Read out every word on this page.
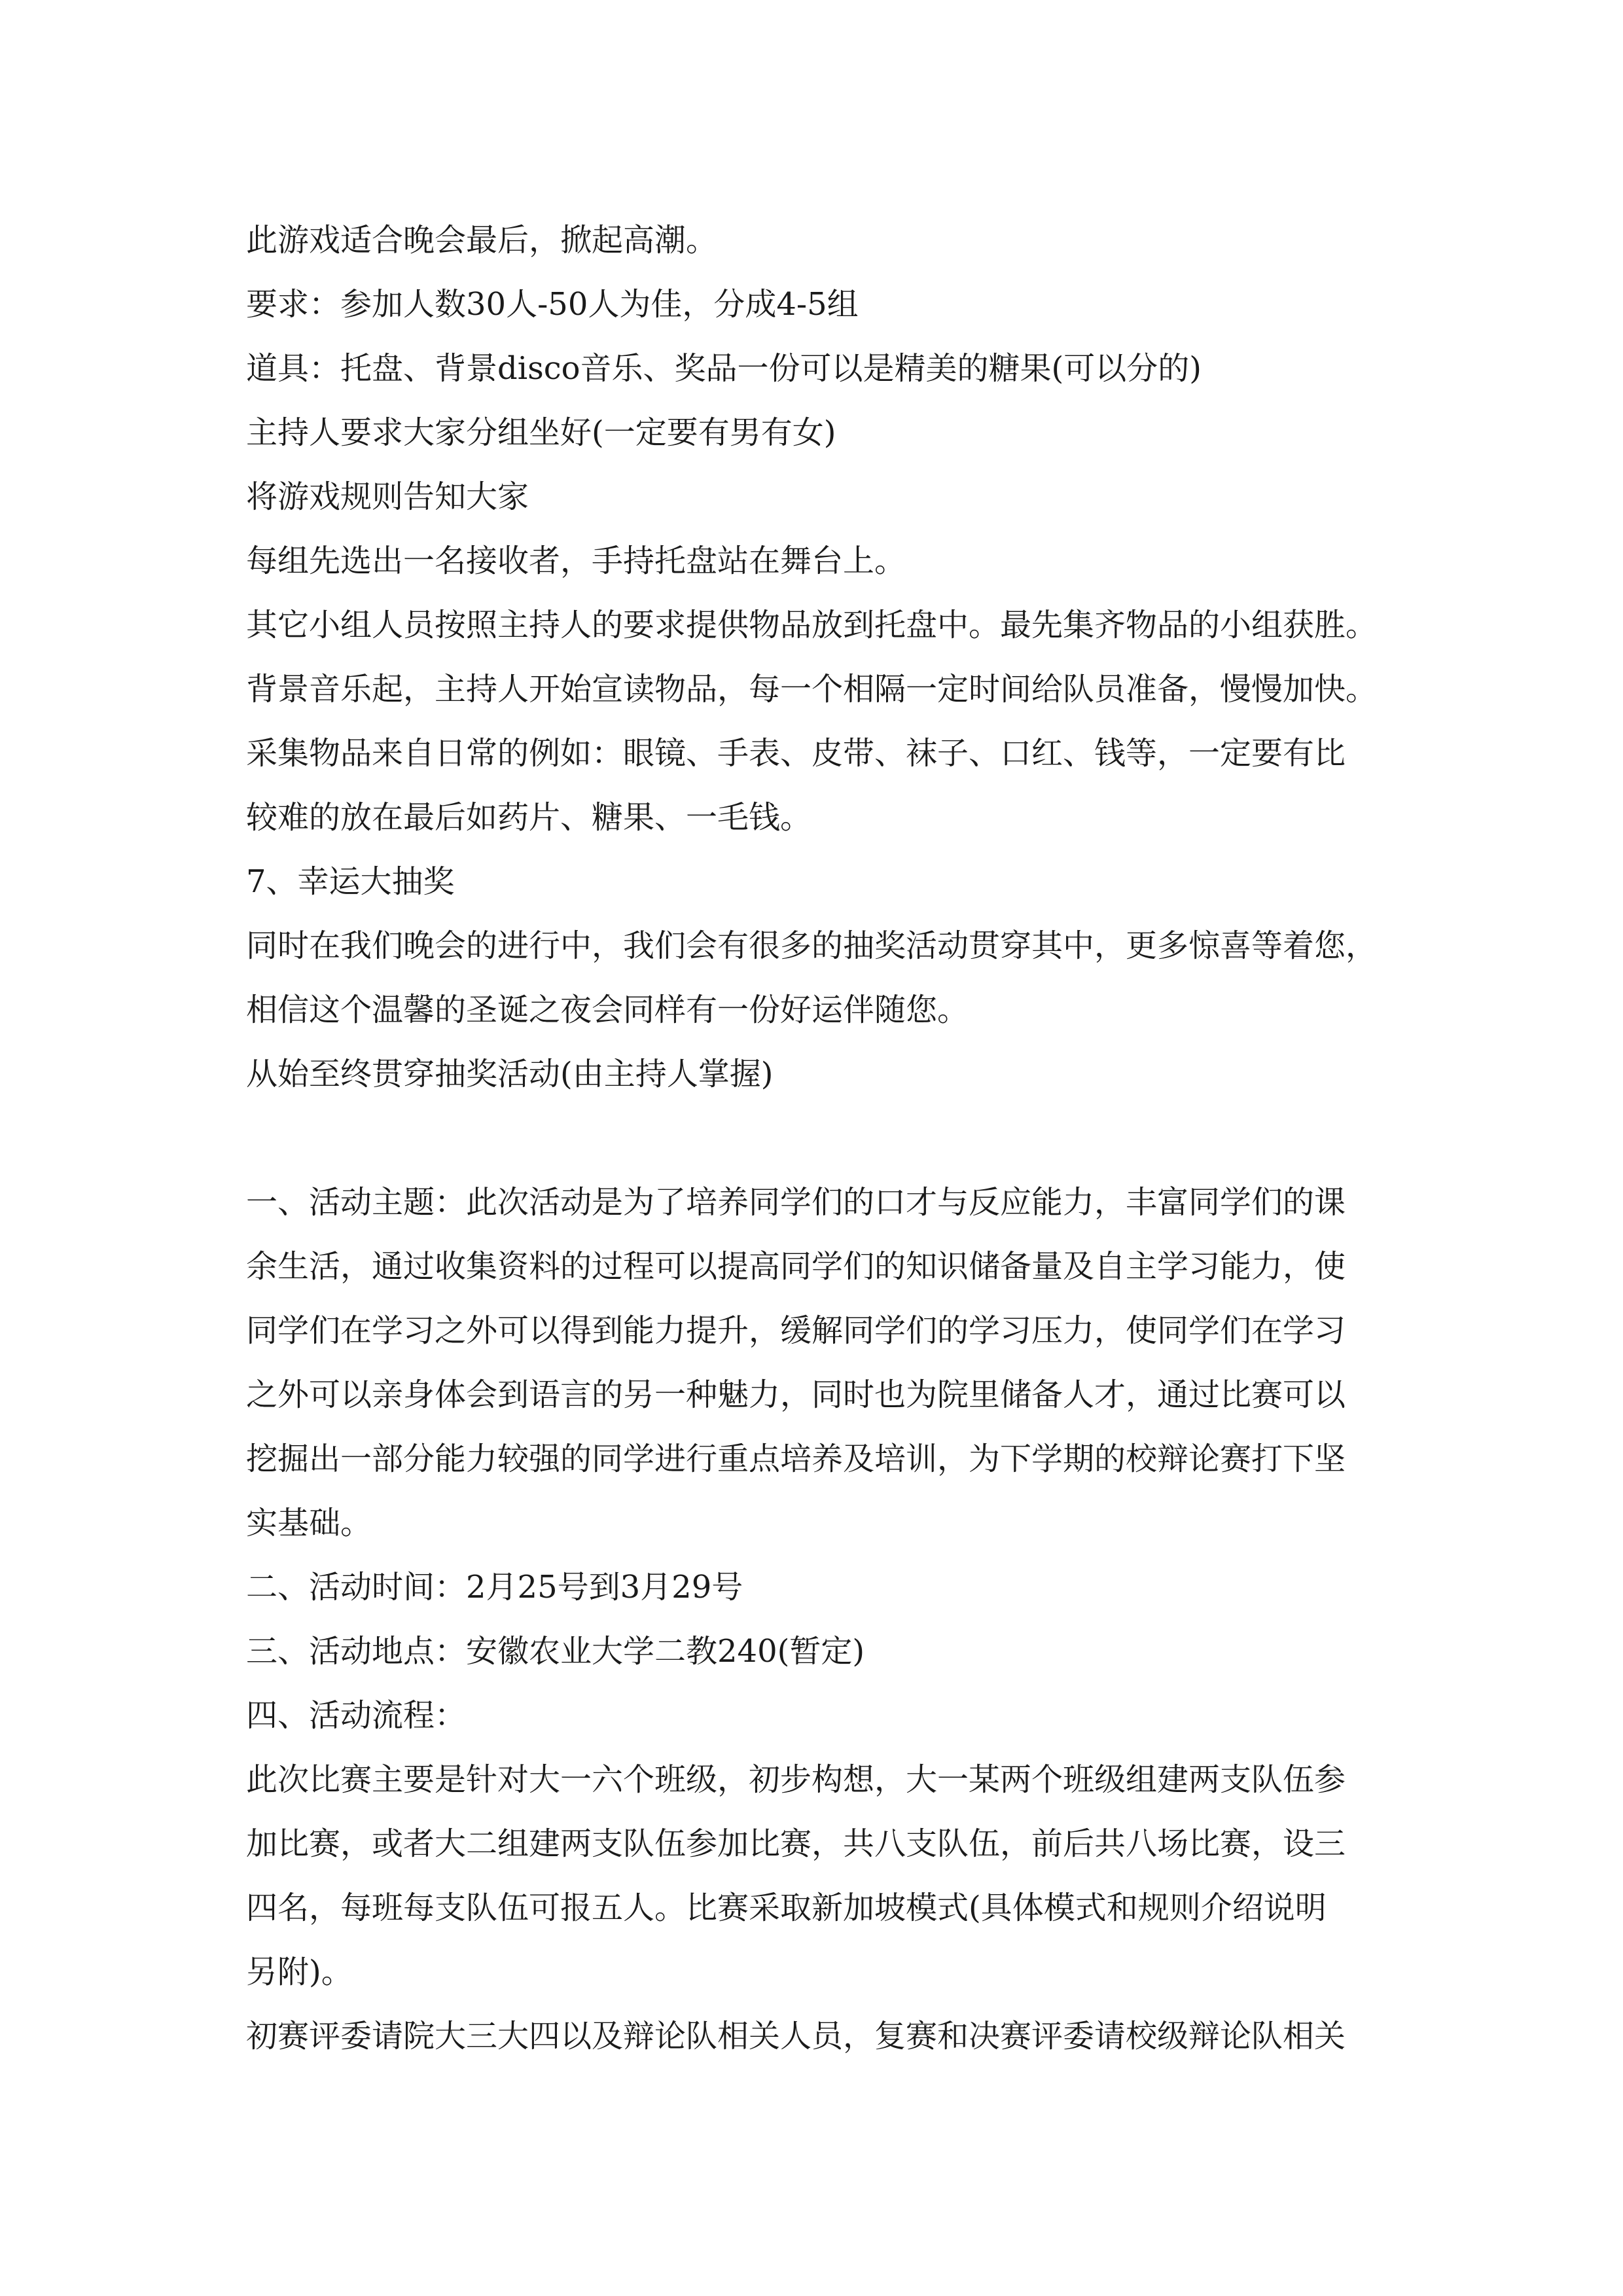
此游戏适合晚会最后，掀起高潮。
要求：参加人数30人-50人为佳，分成4-5组
道具：托盘、背景disco音乐、奖品一份可以是精美的糖果(可以分的)
主持人要求大家分组坐好(一定要有男有女)
将游戏规则告知大家
每组先选出一名接收者，手持托盘站在舞台上。
其它小组人员按照主持人的要求提供物品放到托盘中。最先集齐物品的小组获胜。
背景音乐起，主持人开始宣读物品，每一个相隔一定时间给队员准备，慢慢加快。
采集物品来自日常的例如：眼镜、手表、皮带、袜子、口红、钱等，一定要有比
较难的放在最后如药片、糖果、一毛钱。
7、幸运大抽奖
同时在我们晚会的进行中，我们会有很多的抽奖活动贯穿其中，更多惊喜等着您，
相信这个温馨的圣诞之夜会同样有一份好运伴随您。
从始至终贯穿抽奖活动(由主持人掌握)
一、活动主题：此次活动是为了培养同学们的口才与反应能力，丰富同学们的课
余生活，通过收集资料的过程可以提高同学们的知识储备量及自主学习能力，使
同学们在学习之外可以得到能力提升，缓解同学们的学习压力，使同学们在学习
之外可以亲身体会到语言的另一种魅力，同时也为院里储备人才，通过比赛可以
挖掘出一部分能力较强的同学进行重点培养及培训，为下学期的校辩论赛打下坚
实基础。
二、活动时间：2月25号到3月29号
三、活动地点：安徽农业大学二教240(暂定)
四、活动流程：
此次比赛主要是针对大一六个班级，初步构想，大一某两个班级组建两支队伍参
加比赛，或者大二组建两支队伍参加比赛，共八支队伍，前后共八场比赛，设三
四名，每班每支队伍可报五人。比赛采取新加坡模式(具体模式和规则介绍说明
另附)。
初赛评委请院大三大四以及辩论队相关人员，复赛和决赛评委请校级辩论队相关
